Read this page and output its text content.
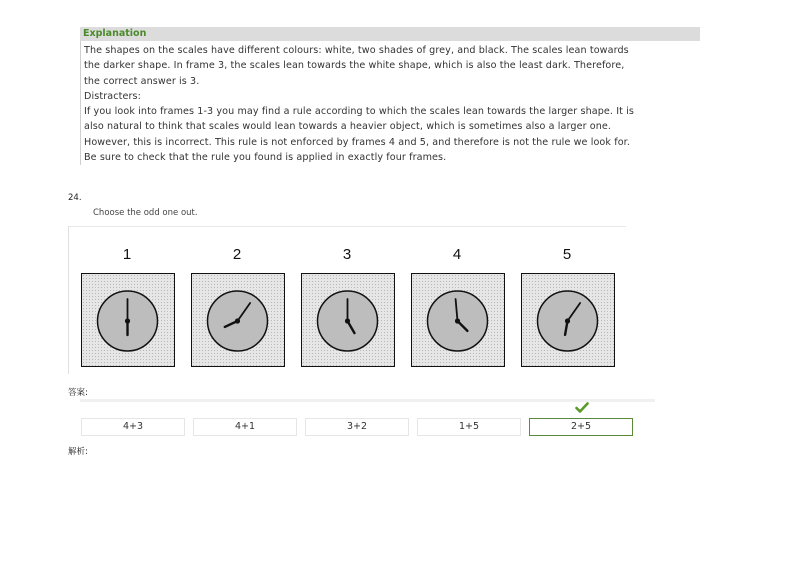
Explanation

The shapes on the scales have different colours: white, two shades of grey, and black. The scales lean towards

the darker shape. In frame 3, the scales lean towards the white shape, which is also the least dark. Therefore,

the correct answer is 3.

Distracters:

If you look into frames 1-3 you may find a rule according to which the scales lean towards the larger shape. It is

also natural to think that scales would lean towards a heavier object, which is sometimes also a larger one.

However, this is incorrect. This rule is not enforced by frames 4 and 5, and therefore is not the rule we look for.

Be sure to check that the rule you found is applied in exactly four frames.

24.
Choose the odd one out.
1	2	3	4	5
答案:
4+3	4+1	3+2	1+5	2+5
解析:
